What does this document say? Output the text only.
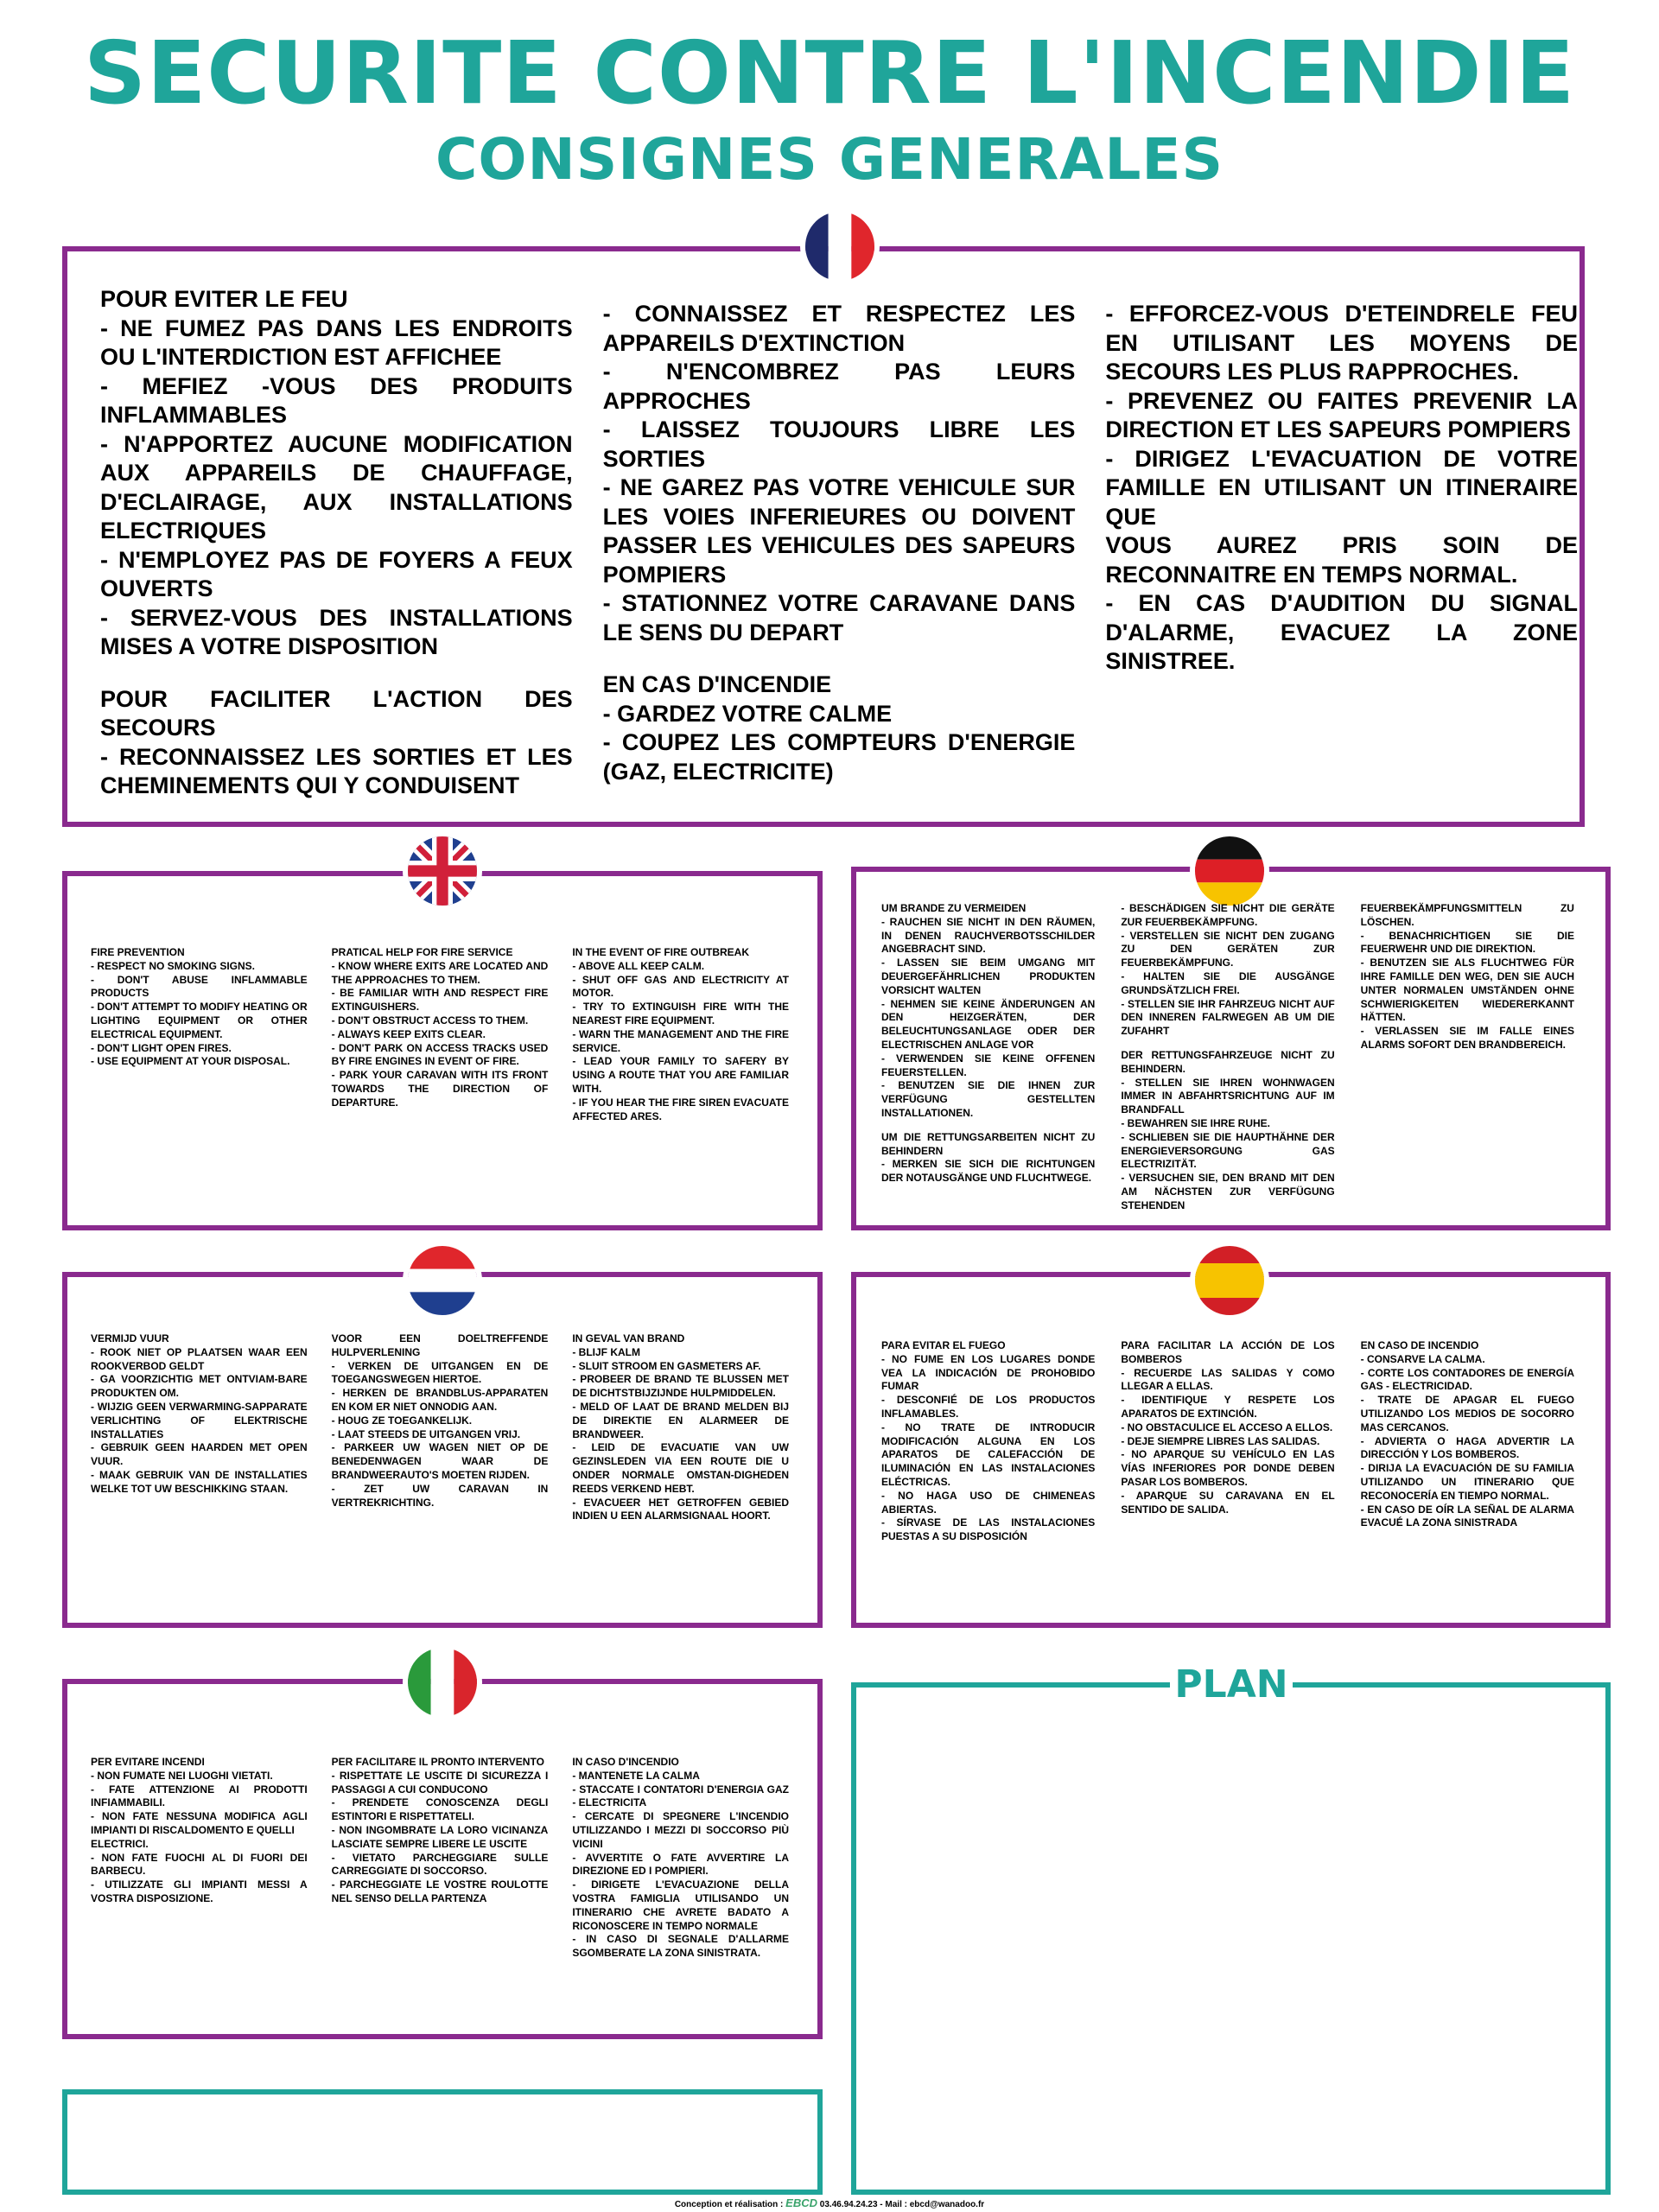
SECURITE CONTRE L'INCENDIE
CONSIGNES GENERALES

POUR EVITER LE FEU

- NE FUMEZ PAS DANS LES ENDROITS OU L'INTERDICTION EST AFFICHEE

- MEFIEZ -VOUS DES PRODUITS INFLAMMABLES

- N'APPORTEZ AUCUNE MODIFICATION AUX APPAREILS DE CHAUFFAGE, D'ECLAIRAGE, AUX INSTALLATIONS ELECTRIQUES

- N'EMPLOYEZ PAS DE FOYERS A FEUX OUVERTS

- SERVEZ-VOUS DES INSTALLATIONS MISES A VOTRE DISPOSITION

POUR FACILITER L'ACTION DES SECOURS

- RECONNAISSEZ LES SORTIES ET LES CHEMINEMENTS QUI Y CONDUISENT

- CONNAISSEZ ET RESPECTEZ LES APPAREILS D'EXTINCTION

- N'ENCOMBREZ PAS LEURS APPROCHES

- LAISSEZ TOUJOURS LIBRE LES SORTIES

- NE GAREZ PAS VOTRE VEHICULE SUR LES VOIES INFERIEURES OU DOIVENT PASSER LES VEHICULES DES SAPEURS POMPIERS

- STATIONNEZ VOTRE CARAVANE DANS LE SENS DU DEPART

EN CAS D'INCENDIE

- GARDEZ VOTRE CALME

- COUPEZ LES COMPTEURS D'ENERGIE (GAZ, ELECTRICITE)

- EFFORCEZ-VOUS D'ETEINDRELE FEU EN UTILISANT LES MOYENS DE SECOURS LES PLUS RAPPROCHES.

- PREVENEZ OU FAITES PREVENIR LA DIRECTION ET LES SAPEURS POMPIERS

- DIRIGEZ L'EVACUATION DE VOTRE FAMILLE EN UTILISANT UN ITINERAIRE QUE

VOUS AUREZ PRIS SOIN DE RECONNAITRE EN TEMPS NORMAL.

- EN CAS D'AUDITION DU SIGNAL D'ALARME, EVACUEZ LA ZONE SINISTREE.

FIRE PREVENTION

- RESPECT NO SMOKING SIGNS.

- DON'T ABUSE INFLAMMABLE PRODUCTS

- DON'T ATTEMPT TO MODIFY HEATING OR LIGHTING EQUIPMENT OR OTHER ELECTRICAL EQUIPMENT.

- DON'T LIGHT OPEN FIRES.

- USE EQUIPMENT AT YOUR DISPOSAL.

PRATICAL HELP FOR FIRE SERVICE

- KNOW WHERE EXITS ARE LOCATED AND THE APPROACHES TO THEM.

- BE FAMILIAR WITH AND RESPECT FIRE EXTINGUISHERS.

- DON'T OBSTRUCT ACCESS TO THEM.

- ALWAYS KEEP EXITS CLEAR.

- DON'T PARK ON ACCESS TRACKS USED BY FIRE ENGINES IN EVENT OF FIRE.

- PARK YOUR CARAVAN WITH ITS FRONT TOWARDS THE DIRECTION OF DEPARTURE.

IN THE EVENT OF FIRE OUTBREAK

- ABOVE ALL KEEP CALM.

- SHUT OFF GAS AND ELECTRICITY AT MOTOR.

- TRY TO EXTINGUISH FIRE WITH THE NEAREST FIRE EQUIPMENT.

- WARN THE MANAGEMENT AND THE FIRE SERVICE.

- LEAD YOUR FAMILY TO SAFERY BY USING A ROUTE THAT YOU ARE FAMILIAR WITH.

- IF YOU HEAR THE FIRE SIREN EVACUATE AFFECTED ARES.

UM BRANDE ZU VERMEIDEN

- RAUCHEN SIE NICHT IN DEN RÄUMEN, IN DENEN RAUCHVERBOTSSCHILDER ANGEBRACHT SIND.

- LASSEN SIE BEIM UMGANG MIT DEUERGEFÄHRLICHEN PRODUKTEN VORSICHT WALTEN

- NEHMEN SIE KEINE ÄNDERUNGEN AN DEN HEIZGERÄTEN, DER BELEUCHTUNGSANLAGE ODER DER ELECTRISCHEN ANLAGE VOR

- VERWENDEN SIE KEINE OFFENEN FEUERSTELLEN.

- BENUTZEN SIE DIE IHNEN ZUR VERFÜGUNG GESTELLTEN INSTALLATIONEN.

UM DIE RETTUNGSARBEITEN NICHT ZU BEHINDERN

- MERKEN SIE SICH DIE RICHTUNGEN DER NOTAUSGÄNGE UND FLUCHTWEGE.

- BESCHÄDIGEN SIE NICHT DIE GERÄTE ZUR FEUERBEKÄMPFUNG.

- VERSTELLEN SIE NICHT DEN ZUGANG ZU DEN GERÄTEN ZUR FEUERBEKÄMPFUNG.

- HALTEN SIE DIE AUSGÄNGE GRUNDSÄTZLICH FREI.

- STELLEN SIE IHR FAHRZEUG NICHT AUF DEN INNEREN FALRWEGEN AB UM DIE ZUFAHRT

DER RETTUNGSFAHRZEUGE NICHT ZU BEHINDERN.

- STELLEN SIE IHREN WOHNWAGEN IMMER IN ABFAHRTSRICHTUNG AUF IM BRANDFALL

- BEWAHREN SIE IHRE RUHE.

- SCHLIEBEN SIE DIE HAUPTHÄHNE DER ENERGIEVERSORGUNG GAS ELECTRIZITÄT.

- VERSUCHEN SIE, DEN BRAND MIT DEN AM NÄCHSTEN ZUR VERFÜGUNG STEHENDEN

FEUERBEKÄMPFUNGSMITTELN ZU LÖSCHEN.

- BENACHRICHTIGEN SIE DIE FEUERWEHR UND DIE DIREKTION.

- BENUTZEN SIE ALS FLUCHTWEG FÜR IHRE FAMILLE DEN WEG, DEN SIE AUCH UNTER NORMALEN UMSTÄNDEN OHNE SCHWIERIGKEITEN WIEDERERKANNT HÄTTEN.

- VERLASSEN SIE IM FALLE EINES ALARMS SOFORT DEN BRANDBEREICH.

VERMIJD VUUR

- ROOK NIET OP PLAATSEN WAAR EEN ROOKVERBOD GELDT

- GA VOORZICHTIG MET ONTVIAM-BARE PRODUKTEN OM.

- WIJZIG GEEN VERWARMING-SAPPARATE VERLICHTING OF ELEKTRISCHE INSTALLATIES

- GEBRUIK GEEN HAARDEN MET OPEN VUUR.

- MAAK GEBRUIK VAN DE INSTALLATIES WELKE TOT UW BESCHIKKING STAAN.

VOOR EEN DOELTREFFENDE HULPVERLENING

- VERKEN DE UITGANGEN EN DE TOEGANGSWEGEN HIERTOE.

- HERKEN DE BRANDBLUS-APPARATEN EN KOM ER NIET ONNODIG AAN.

- HOUG ZE TOEGANKELIJK.

- LAAT STEEDS DE UITGANGEN VRIJ.

- PARKEER UW WAGEN NIET OP DE BENEDENWAGEN WAAR DE BRANDWEERAUTO'S MOETEN RIJDEN.

- ZET UW CARAVAN IN VERTREKRICHTING.

IN GEVAL VAN BRAND

- BLIJF KALM

- SLUIT STROOM EN GASMETERS AF.

- PROBEER DE BRAND TE BLUSSEN MET DE DICHTSTBIJZIJNDE HULPMIDDELEN.

- MELD OF LAAT DE BRAND MELDEN BIJ DE DIREKTIE EN ALARMEER DE BRANDWEER.

- LEID DE EVACUATIE VAN UW GEZINSLEDEN VIA EEN ROUTE DIE U ONDER NORMALE OMSTAN-DIGHEDEN REEDS VERKEND HEBT.

- EVACUEER HET GETROFFEN GEBIED INDIEN U EEN ALARMSIGNAAL HOORT.

PARA EVITAR EL FUEGO

- NO FUME EN LOS LUGARES DONDE VEA LA INDICACIÓN DE PROHOBIDO FUMAR

- DESCONFIÉ DE LOS PRODUCTOS INFLAMABLES.

- NO TRATE DE INTRODUCIR MODIFICACIÓN ALGUNA EN LOS APARATOS DE CALEFACCIÓN DE ILUMINACIÓN EN LAS INSTALACIONES ELÉCTRICAS.

- NO HAGA USO DE CHIMENEAS ABIERTAS.

- SÍRVASE DE LAS INSTALACIONES PUESTAS A SU DISPOSICIÓN

PARA FACILITAR LA ACCIÓN DE LOS BOMBEROS

- RECUERDE LAS SALIDAS Y COMO LLEGAR A ELLAS.

- IDENTIFIQUE Y RESPETE LOS APARATOS DE EXTINCIÓN.

- NO OBSTACULICE EL ACCESO A ELLOS.

- DEJE SIEMPRE LIBRES LAS SALIDAS.

- NO APARQUE SU VEHÍCULO EN LAS VÍAS INFERIORES POR DONDE DEBEN PASAR LOS BOMBEROS.

- APARQUE SU CARAVANA EN EL SENTIDO DE SALIDA.

EN CASO DE INCENDIO

- CONSARVE LA CALMA.

- CORTE LOS CONTADORES DE ENERGÍA GAS - ELECTRICIDAD.

- TRATE DE APAGAR EL FUEGO UTILIZANDO LOS MEDIOS DE SOCORRO MAS CERCANOS.

- ADVIERTA O HAGA ADVERTIR LA DIRECCIÓN Y LOS BOMBEROS.

- DIRIJA LA EVACUACIÓN DE SU FAMILIA UTILIZANDO UN ITINERARIO QUE RECONOCERÍA EN TIEMPO NORMAL.

- EN CASO DE OÍR LA SEÑAL DE ALARMA EVACUÉ LA ZONA SINISTRADA

PER EVITARE INCENDI

- NON FUMATE NEI LUOGHI VIETATI.

- FATE ATTENZIONE AI PRODOTTI INFIAMMABILI.

- NON FATE NESSUNA MODIFICA AGLI IMPIANTI DI RISCALDOMENTO E QUELLI

ELECTRICI.

- NON FATE FUOCHI AL DI FUORI DEI BARBECU.

- UTILIZZATE GLI IMPIANTI MESSI A VOSTRA DISPOSIZIONE.

PER FACILITARE IL PRONTO INTERVENTO

- RISPETTATE LE USCITE DI SICUREZZA I PASSAGGI A CUI CONDUCONO

- PRENDETE CONOSCENZA DEGLI ESTINTORI E RISPETTATELI.

- NON INGOMBRATE LA LORO VICINANZA LASCIATE SEMPRE LIBERE LE USCITE

- VIETATO PARCHEGGIARE SULLE CARREGGIATE DI SOCCORSO.

- PARCHEGGIATE LE VOSTRE ROULOTTE NEL SENSO DELLA PARTENZA

IN CASO D'INCENDIO

- MANTENETE LA CALMA

- STACCATE I CONTATORI D'ENERGIA GAZ - ELECTRICITA

- CERCATE DI SPEGNERE L'INCENDIO UTILIZZANDO I MEZZI DI SOCCORSO PIÙ VICINI

- AVVERTITE O FATE AVVERTIRE LA DIREZIONE ED I POMPIERI.

- DIRIGETE L'EVACUAZIONE DELLA VOSTRA FAMIGLIA UTILISANDO UN ITINERARIO CHE AVRETE BADATO A RICONOSCERE IN TEMPO NORMALE

- IN CASO DI SEGNALE D'ALLARME SGOMBERATE LA ZONA SINISTRATA.

PLAN
Conception et réalisation : EBCD 03.46.94.24.23 - Mail : ebcd@wanadoo.fr
